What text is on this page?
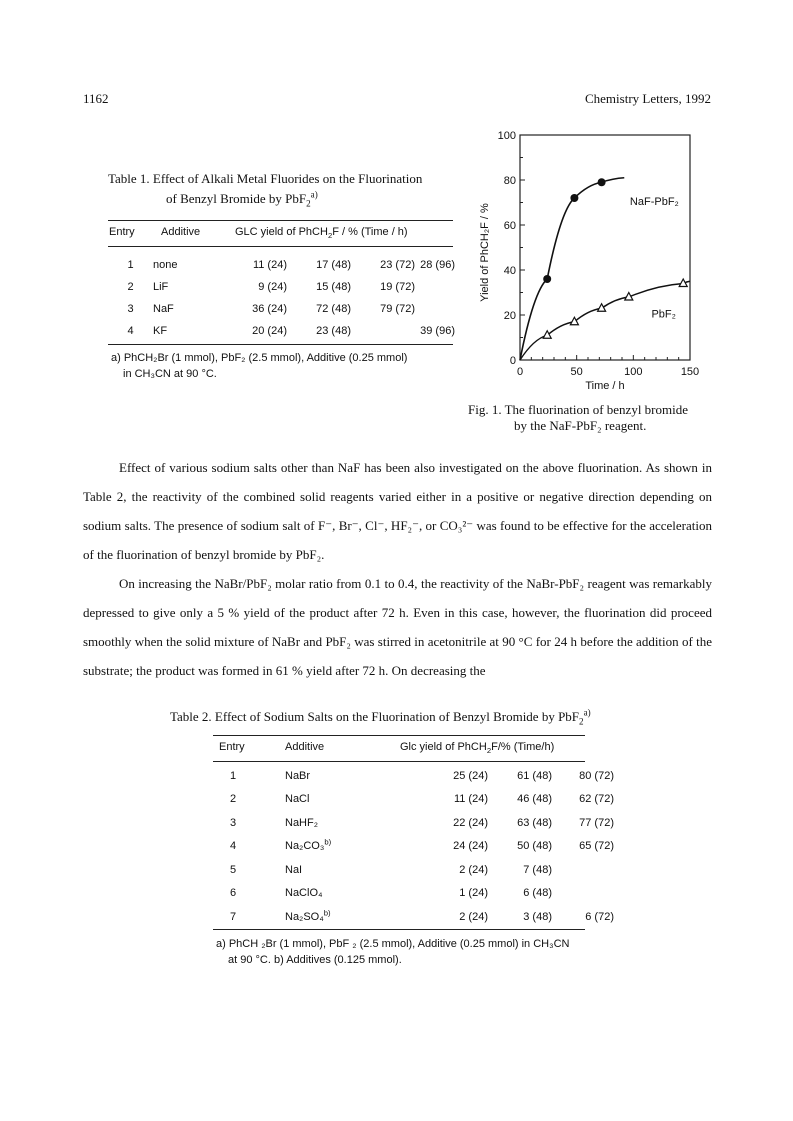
1162	Chemistry Letters, 1992
Table 1. Effect of Alkali Metal Fluorides on the Fluorination
of Benzyl Bromide by PbF$_2^{a)}$
Entry Additive	GLC yield of PhCH$_2$F / % (Time / h)
1	none	11 (24)	17 (48)	23 (72)	28 (96)
2	LiF	9 (24)	15 (48)	19 (72)	
3	NaF	36 (24)	72 (48)	79 (72)	
4	KF	20 (24)	23 (48)		39 (96)
a) PhCH₂Br (1 mmol), PbF₂ (2.5 mmol), Additive (0.25 mmol)
in CH₃CN at 90 °C.
0
20
40
60
80
100
0	50	100	150
Time / h
Yield of PhCH₂F / %
NaF-PbF₂
PbF₂
Fig. 1. The fluorination of benzyl bromide
by the NaF-PbF₂ reagent.

Effect of various sodium salts other than NaF has been also investigated on the above fluorination. As shown in Table 2, the reactivity of the combined solid reagents varied either in a positive or negative direction depending on sodium salts. The presence of sodium salt of F⁻, Br⁻, Cl⁻, HF₂⁻, or CO₃²⁻ was found to be effective for the acceleration of the fluorination of benzyl bromide by PbF₂.

On increasing the NaBr/PbF₂ molar ratio from 0.1 to 0.4, the reactivity of the NaBr-PbF₂ reagent was remarkably depressed to give only a 5 % yield of the product after 72 h. Even in this case, however, the fluorination did proceed smoothly when the solid mixture of NaBr and PbF₂ was stirred in acetonitrile at 90 °C for 24 h before the addition of the substrate; the product was formed in 61 % yield after 72 h. On decreasing the

Table 2. Effect of Sodium Salts on the Fluorination of Benzyl Bromide by PbF$_2^{a)}$
Entry	Additive	Glc yield of PhCH$_2$F/% (Time/h)
1	NaBr	25 (24)	61 (48)	80 (72)
2	NaCl	11 (24)	46 (48)	62 (72)
3	NaHF₂	22 (24)	63 (48)	77 (72)
4	Na₂CO₃$^{b)}$	24 (24)	50 (48)	65 (72)
5	NaI	2 (24)	7 (48)	
6	NaClO₄	1 (24)	6 (48)	
7	Na₂SO₄$^{b)}$	2 (24)	3 (48)	6 (72)
a) PhCH ₂Br (1 mmol), PbF ₂ (2.5 mmol), Additive (0.25 mmol) in CH₃CN
at 90 °C. b) Additives (0.125 mmol).
